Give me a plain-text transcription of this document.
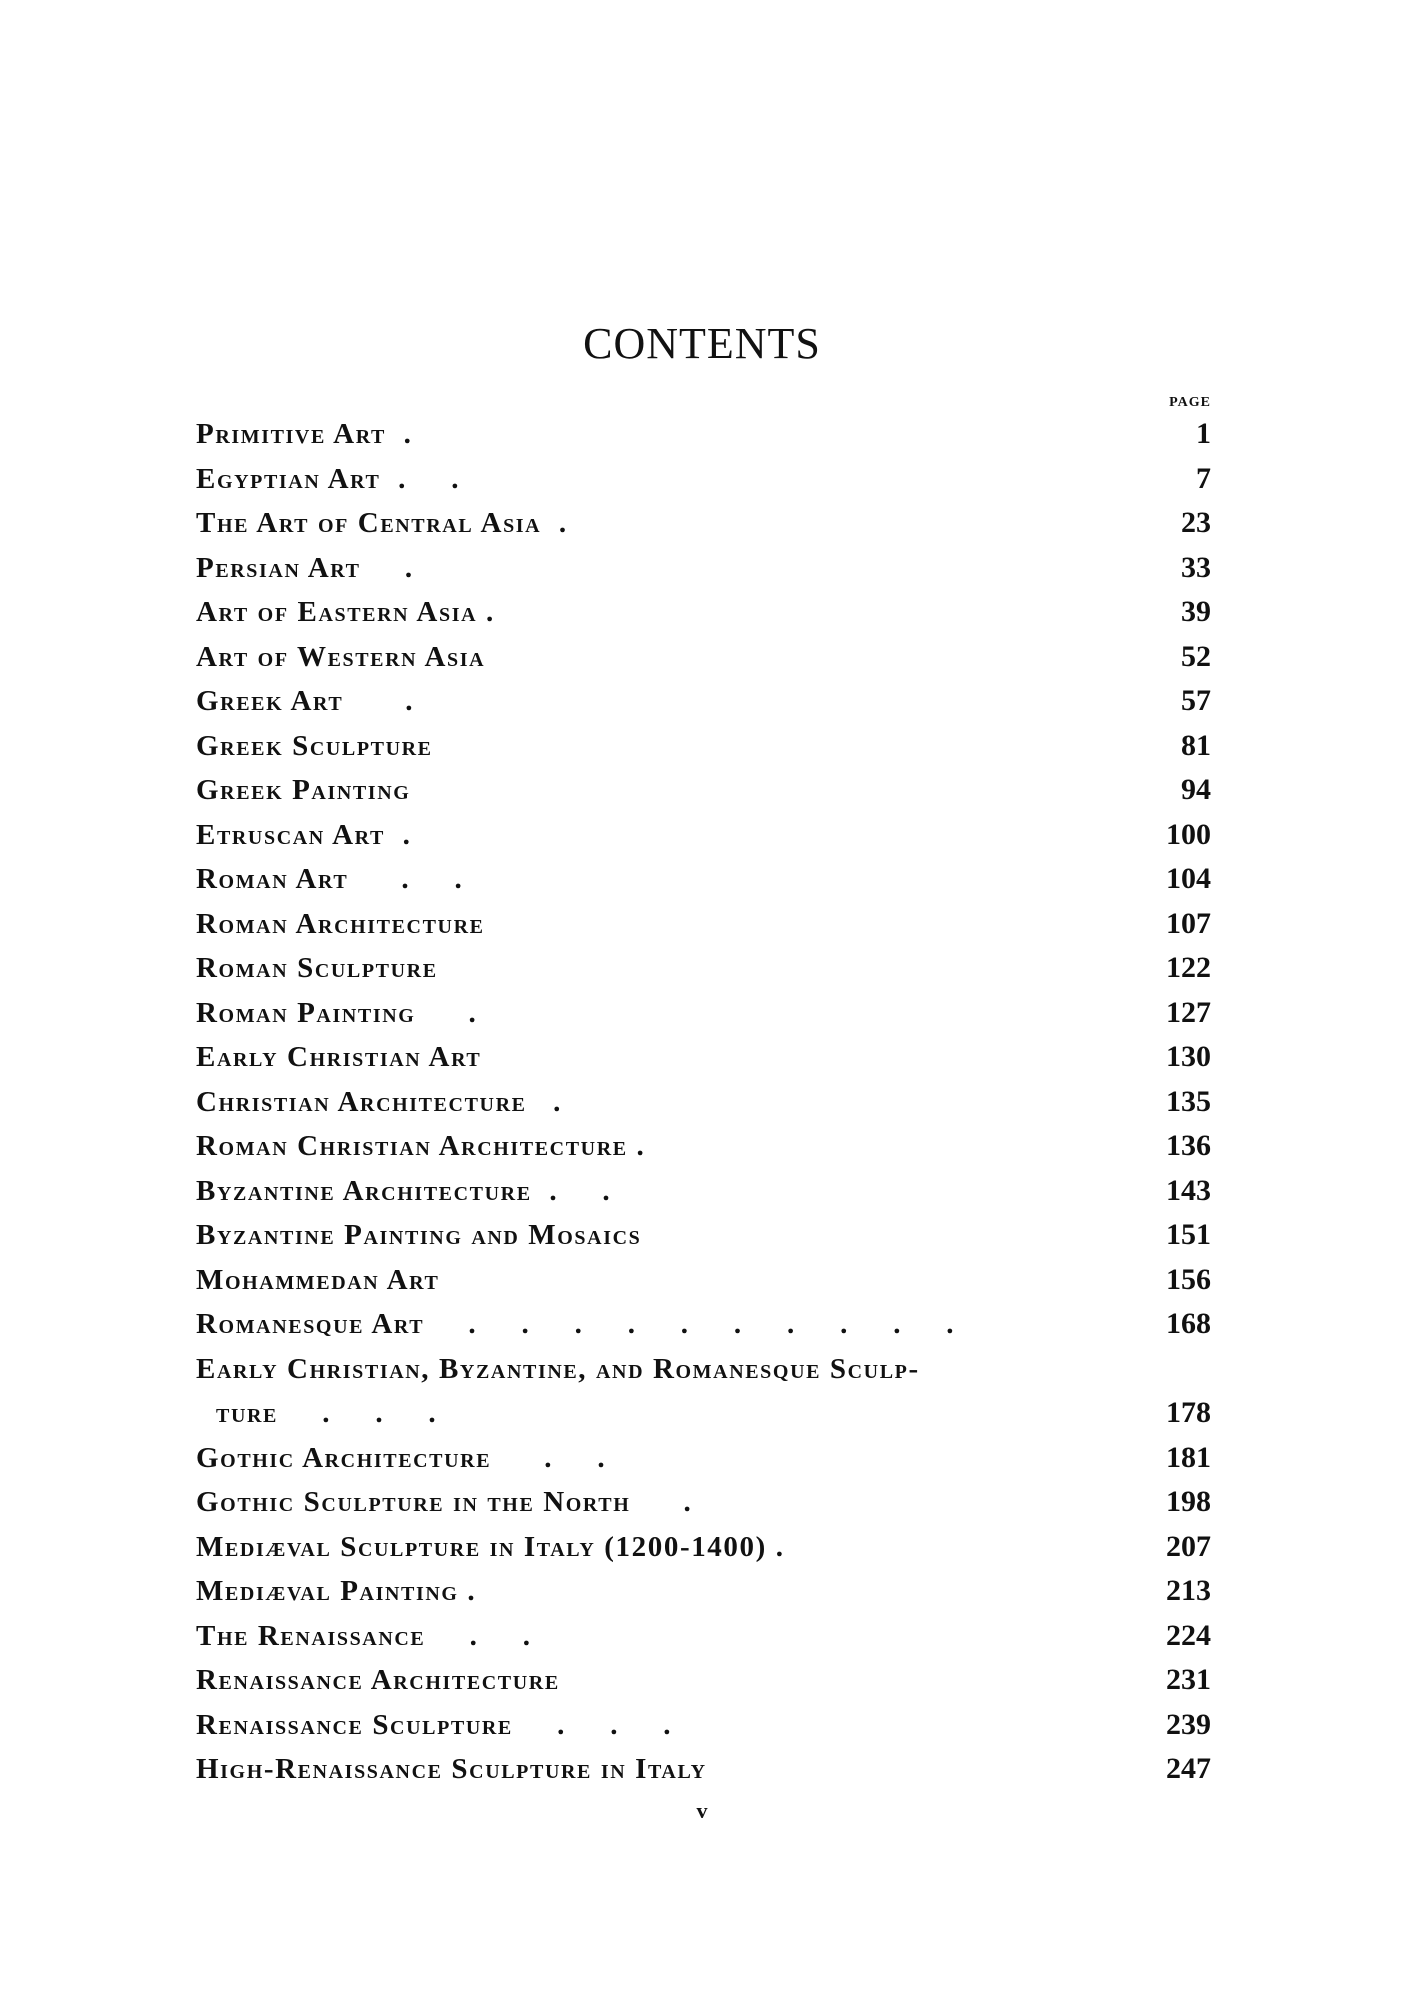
CONTENTS
PAGE
Primitive Art  .	1
Egyptian Art  .     .	7
The Art of Central Asia  .	23
Persian Art     .	33
Art of Eastern Asia .	39
Art of Western Asia	52
Greek Art       .	57
Greek Sculpture	81
Greek Painting	94
Etruscan Art  .	100
Roman Art      .     .	104
Roman Architecture	107
Roman Sculpture	122
Roman Painting      .	127
Early Christian Art	130
Christian Architecture   .	135
Roman Christian Architecture .	136
Byzantine Architecture  .     .	143
Byzantine Painting and Mosaics	151
Mohammedan Art	156
Romanesque Art     .     .     .     .     .     .     .     .     .     .	168
Early Christian, Byzantine, and Romanesque Sculp-
ture     .     .     .	178
Gothic Architecture      .     .	181
Gothic Sculpture in the North      .	198
Mediæval Sculpture in Italy (1200-1400) .	207
Mediæval Painting .	213
The Renaissance     .     .	224
Renaissance Architecture	231
Renaissance Sculpture     .     .     .	239
High-Renaissance Sculpture in Italy	247
v
